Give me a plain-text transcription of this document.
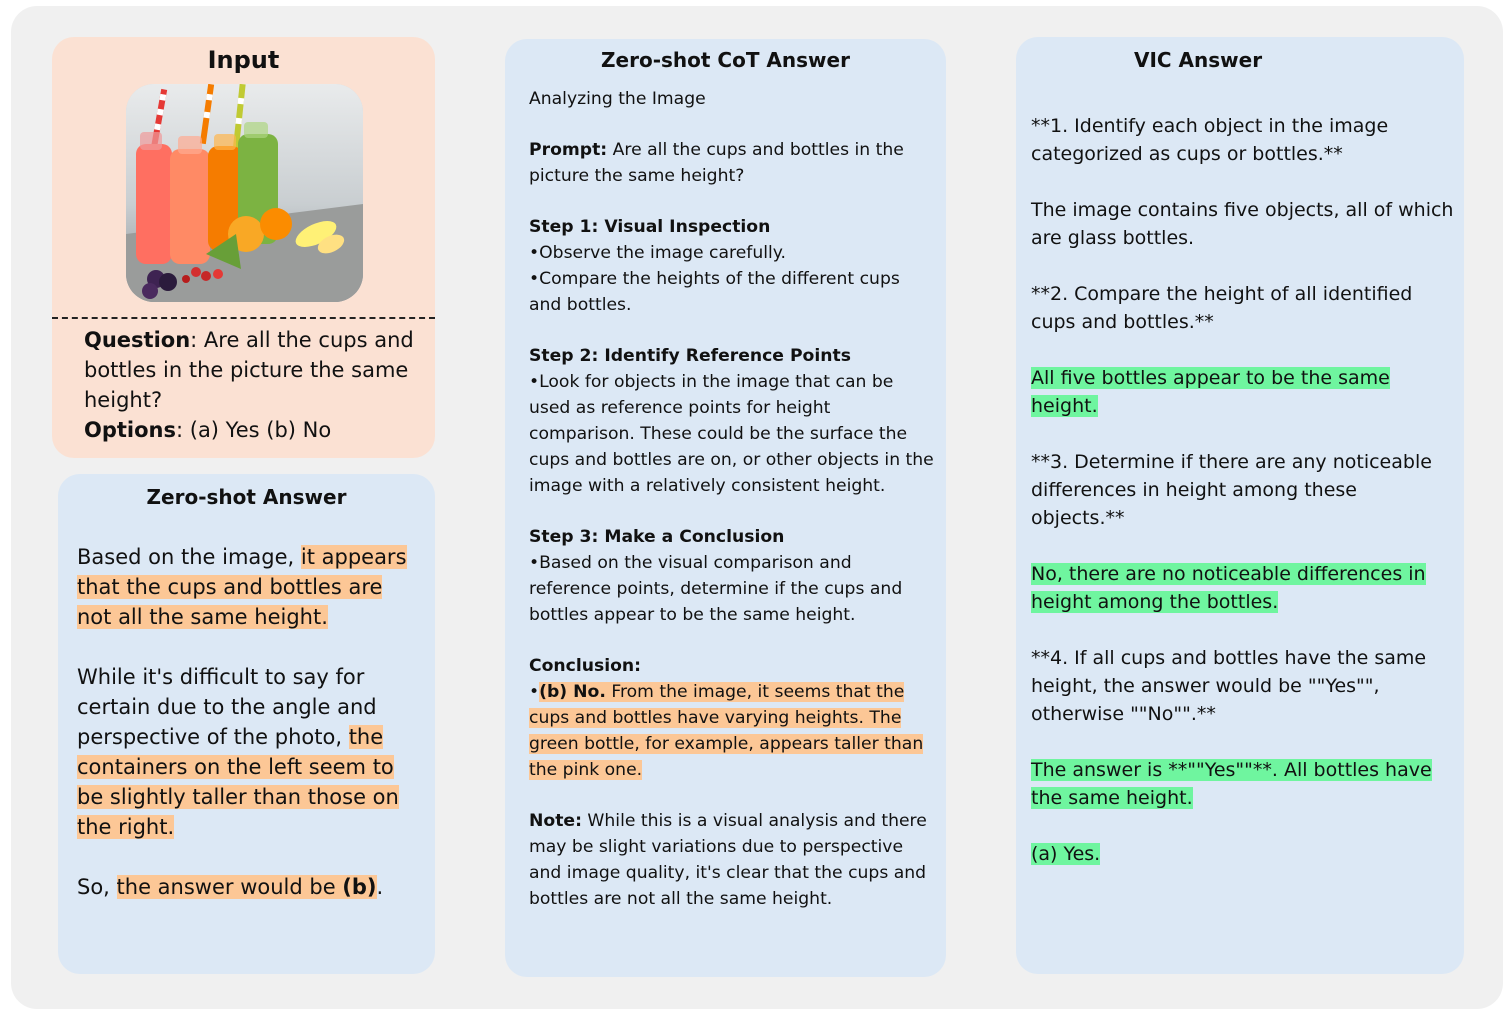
Input
Question: Are all the cups and bottles in the picture the same height?
Options: (a) Yes (b) No
Zero-shot Answer

Based on the image, it appears that the cups and bottles are not all the same height.

While it's difficult to say for certain due to the angle and perspective of the photo, the containers on the left seem to be slightly taller than those on the right.

So, the answer would be (b).

Zero-shot CoT Answer
Analyzing the Image
Prompt: Are all the cups and bottles in the picture the same height?
Step 1: Visual Inspection
•Observe the image carefully.
•Compare the heights of the different cups and bottles.
Step 2: Identify Reference Points
•Look for objects in the image that can be used as reference points for height comparison. These could be the surface the cups and bottles are on, or other objects in the image with a relatively consistent height.
Step 3: Make a Conclusion
•Based on the visual comparison and reference points, determine if the cups and bottles appear to be the same height.
Conclusion:
•(b) No. From the image, it seems that the cups and bottles have varying heights. The green bottle, for example, appears taller than the pink one.
Note: While this is a visual analysis and there may be slight variations due to perspective and image quality, it's clear that the cups and bottles are not all the same height.
VIC Answer

**1. Identify each object in the image categorized as cups or bottles.**

The image contains five objects, all of which are glass bottles.

**2. Compare the height of all identified cups and bottles.**

All five bottles appear to be the same height.

**3. Determine if there are any noticeable differences in height among these objects.**

No, there are no noticeable differences in height among the bottles.

**4. If all cups and bottles have the same height, the answer would be ""Yes"", otherwise ""No"".**

The answer is **""Yes""**. All bottles have the same height.

(a) Yes.
